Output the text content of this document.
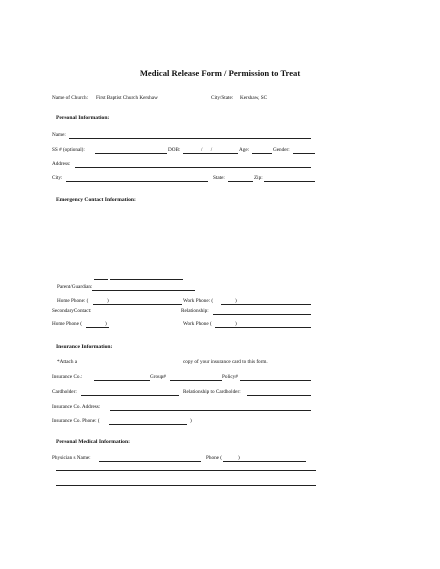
Medical Release Form / Permission to Treat
Name of Church: First Baptist Church Kershaw	City/State: Kershaw, SC
Personal Information:
Name:
SS # (optional):	DOB:	/ /	Age:	Gender:
Address:
City:	State:	Zip:
Emergency Contact Information:
Parent/Guardian:
Home Phone: (	)	Work Phone: (	)
SecondaryContact:	Relationship:
Home Phone (	)	Work Phone (	)
Insurance Information:
*Attach a	copy of your insurance card to this form.
Insurance Co.:	Group#	Policy#
Cardholder:	Relationship to Cardholder:
Insurance Co. Address:
Insurance Co. Phone: (	)
Personal Medical Information:
Physician s Name:	Phone (	)
